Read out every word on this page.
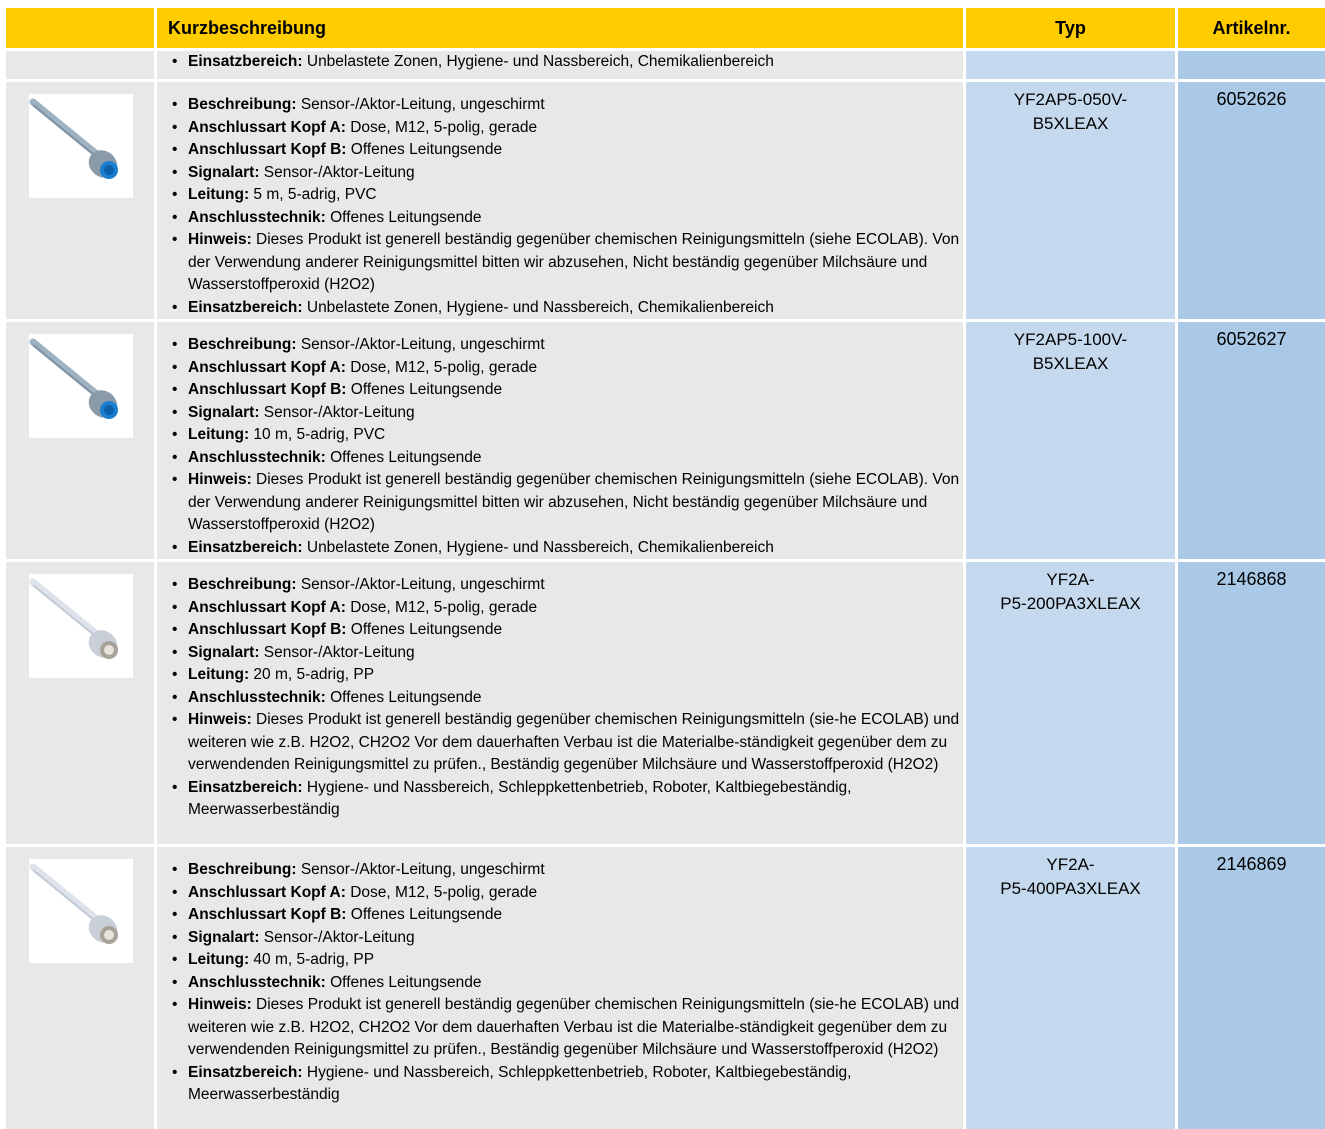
Kurzbeschreibung	Typ	Artikelnr.
• Einsatzbereich: Unbelastete Zonen, Hygiene- und Nassbereich, Chemikalienbereich
• Beschreibung: Sensor-/Aktor-Leitung, ungeschirmt
• Anschlussart Kopf A: Dose, M12, 5-polig, gerade
• Anschlussart Kopf B: Offenes Leitungsende
• Signalart: Sensor-/Aktor-Leitung
• Leitung: 5 m, 5-adrig, PVC
• Anschlusstechnik: Offenes Leitungsende
• Hinweis: Dieses Produkt ist generell beständig gegenüber chemischen Reinigungsmitteln (siehe ECOLAB). Von der Verwendung anderer Reinigungsmittel bitten wir abzusehen, Nicht beständig gegenüber Milchsäure und Wasserstoffperoxid (H2O2)
• Einsatzbereich: Unbelastete Zonen, Hygiene- und Nassbereich, Chemikalienbereich
YF2AP5-050V-
B5XLEAX
6052626
• Beschreibung: Sensor-/Aktor-Leitung, ungeschirmt
• Anschlussart Kopf A: Dose, M12, 5-polig, gerade
• Anschlussart Kopf B: Offenes Leitungsende
• Signalart: Sensor-/Aktor-Leitung
• Leitung: 10 m, 5-adrig, PVC
• Anschlusstechnik: Offenes Leitungsende
• Hinweis: Dieses Produkt ist generell beständig gegenüber chemischen Reinigungsmitteln (siehe ECOLAB). Von der Verwendung anderer Reinigungsmittel bitten wir abzusehen, Nicht beständig gegenüber Milchsäure und Wasserstoffperoxid (H2O2)
• Einsatzbereich: Unbelastete Zonen, Hygiene- und Nassbereich, Chemikalienbereich
YF2AP5-100V-
B5XLEAX
6052627
• Beschreibung: Sensor-/Aktor-Leitung, ungeschirmt
• Anschlussart Kopf A: Dose, M12, 5-polig, gerade
• Anschlussart Kopf B: Offenes Leitungsende
• Signalart: Sensor-/Aktor-Leitung
• Leitung: 20 m, 5-adrig, PP
• Anschlusstechnik: Offenes Leitungsende
• Hinweis: Dieses Produkt ist generell beständig gegenüber chemischen Reinigungsmitteln (sie-he ECOLAB) und weiteren wie z.B. H2O2, CH2O2 Vor dem dauerhaften Verbau ist die Materialbe-ständigkeit gegenüber dem zu verwendenden Reinigungsmittel zu prüfen., Beständig gegenüber Milchsäure und Wasserstoffperoxid (H2O2)
• Einsatzbereich: Hygiene- und Nassbereich, Schleppkettenbetrieb, Roboter, Kaltbiegebeständig, Meerwasserbeständig
YF2A-
P5-200PA3XLEAX
2146868
• Beschreibung: Sensor-/Aktor-Leitung, ungeschirmt
• Anschlussart Kopf A: Dose, M12, 5-polig, gerade
• Anschlussart Kopf B: Offenes Leitungsende
• Signalart: Sensor-/Aktor-Leitung
• Leitung: 40 m, 5-adrig, PP
• Anschlusstechnik: Offenes Leitungsende
• Hinweis: Dieses Produkt ist generell beständig gegenüber chemischen Reinigungsmitteln (sie-he ECOLAB) und weiteren wie z.B. H2O2, CH2O2 Vor dem dauerhaften Verbau ist die Materialbe-ständigkeit gegenüber dem zu verwendenden Reinigungsmittel zu prüfen., Beständig gegenüber Milchsäure und Wasserstoffperoxid (H2O2)
• Einsatzbereich: Hygiene- und Nassbereich, Schleppkettenbetrieb, Roboter, Kaltbiegebeständig, Meerwasserbeständig
YF2A-
P5-400PA3XLEAX
2146869
